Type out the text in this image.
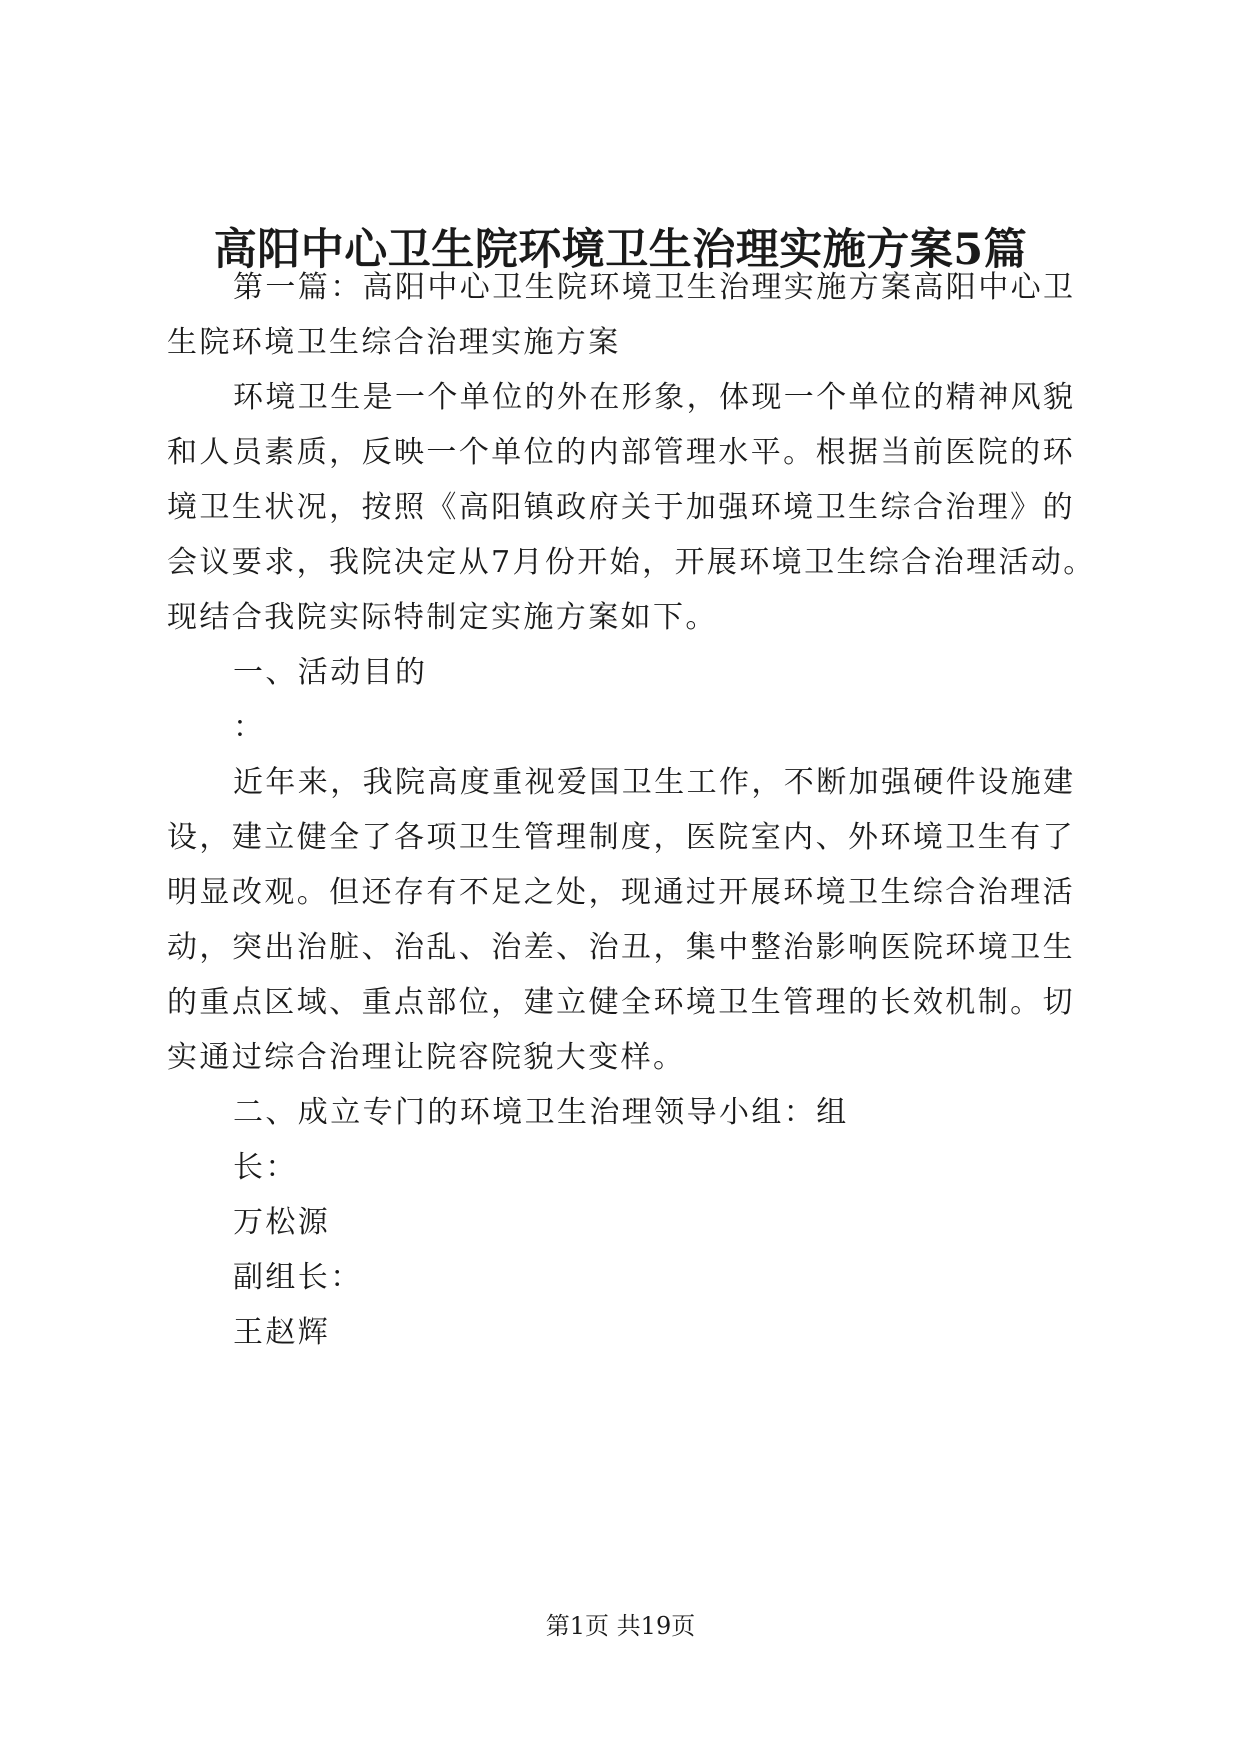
高阳中心卫生院环境卫生治理实施方案5篇
第一篇：高阳中心卫生院环境卫生治理实施方案高阳中心卫
生院环境卫生综合治理实施方案
环境卫生是一个单位的外在形象，体现一个单位的精神风貌
和人员素质，反映一个单位的内部管理水平。根据当前医院的环
境卫生状况，按照《高阳镇政府关于加强环境卫生综合治理》的
会议要求，我院决定从7月份开始，开展环境卫生综合治理活动。
现结合我院实际特制定实施方案如下。
一、活动目的
：
近年来，我院高度重视爱国卫生工作，不断加强硬件设施建
设，建立健全了各项卫生管理制度，医院室内、外环境卫生有了
明显改观。但还存有不足之处，现通过开展环境卫生综合治理活
动，突出治脏、治乱、治差、治丑，集中整治影响医院环境卫生
的重点区域、重点部位，建立健全环境卫生管理的长效机制。切
实通过综合治理让院容院貌大变样。
二、成立专门的环境卫生治理领导小组：组
长：
万松源
副组长：
王赵辉
第1页 共19页
